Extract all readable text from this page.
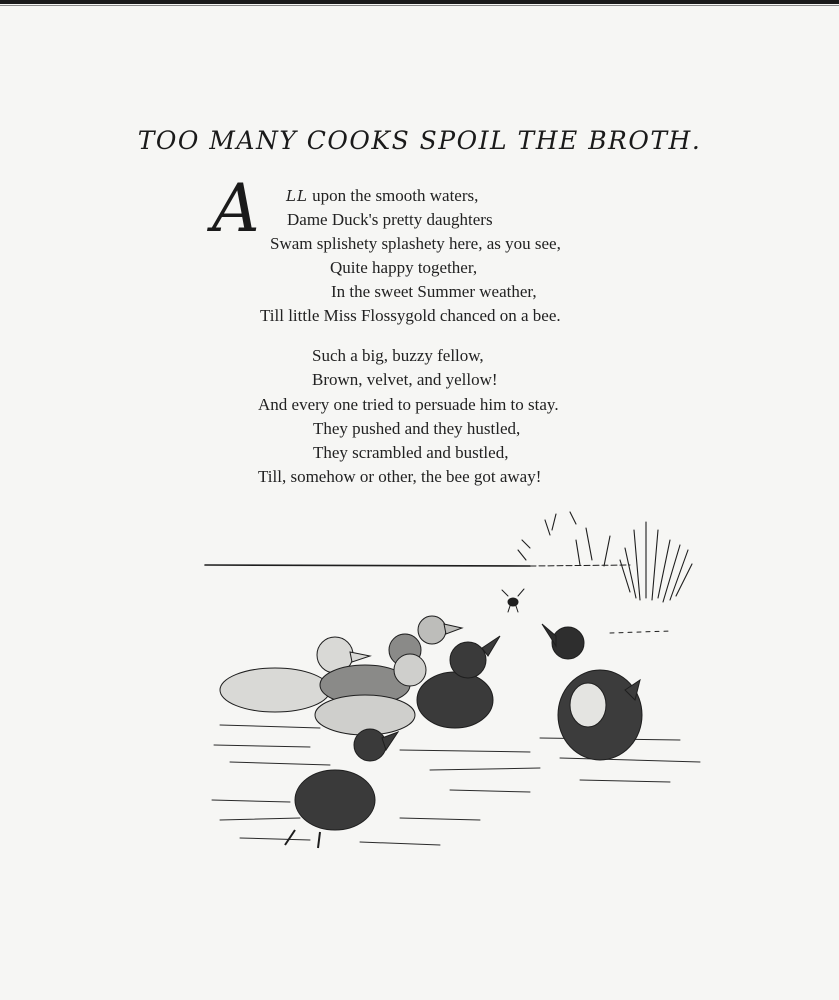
TOO MANY COOKS SPOIL THE BROTH.
A LL upon the smooth waters,
Dame Duck's pretty daughters
Swam splishety splashety here, as you see,
Quite happy together,
In the sweet Summer weather,
Till little Miss Flossygold chanced on a bee.
Such a big, buzzy fellow,
Brown, velvet, and yellow!
And every one tried to persuade him to stay.
They pushed and they hustled,
They scrambled and bustled,
Till, somehow or other, the bee got away!
